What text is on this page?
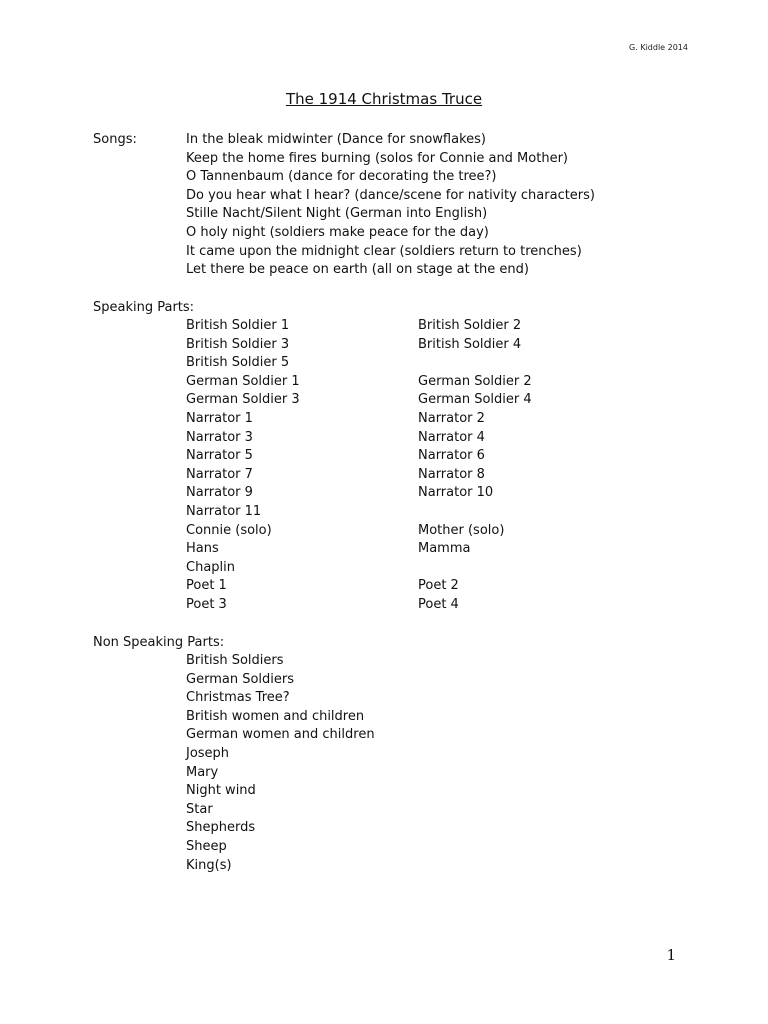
G. Kiddle 2014
The 1914 Christmas Truce
Songs:	In the bleak midwinter (Dance for snowflakes)
Keep the home fires burning (solos for Connie and Mother)
O Tannenbaum (dance for decorating the tree?)
Do you hear what I hear? (dance/scene for nativity characters)
Stille Nacht/Silent Night (German into English)
O holy night (soldiers make peace for the day)
It came upon the midnight clear (soldiers return to trenches)
Let there be peace on earth (all on stage at the end)
Speaking Parts:
British Soldier 1
British Soldier 3
British Soldier 5
German Soldier 1
German Soldier 3
Narrator 1
Narrator 3
Narrator 5
Narrator 7
Narrator 9
Narrator 11
Connie (solo)
Hans
Chaplin
Poet 1
Poet 3
British Soldier 2
British Soldier 4
German Soldier 2
German Soldier 4
Narrator 2
Narrator 4
Narrator 6
Narrator 8
Narrator 10
Mother (solo)
Mamma
Poet 2
Poet 4
Non Speaking Parts:
British Soldiers
German Soldiers
Christmas Tree?
British women and children
German women and children
Joseph
Mary
Night wind
Star
Shepherds
Sheep
King(s)
1
